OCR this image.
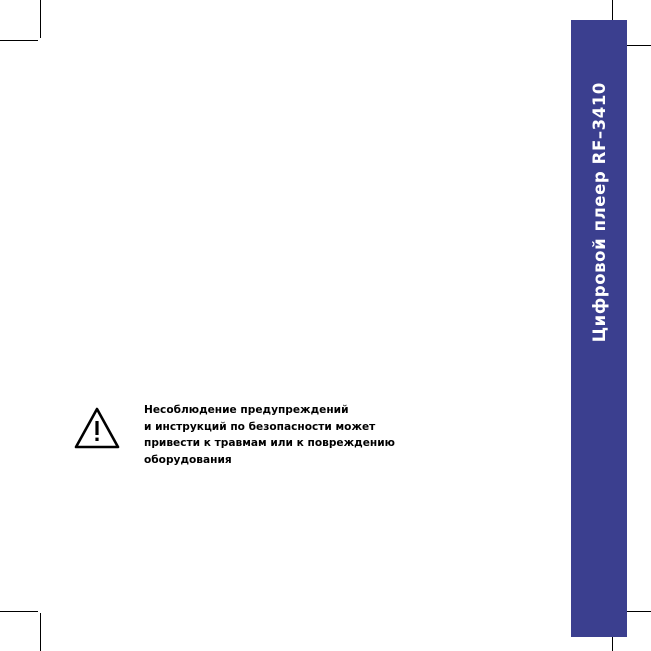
Цифровой плеер RF–3410
Несоблюдение предупреждений
и инструкций по безопасности может
привести к травмам или к повреждению
оборудования
